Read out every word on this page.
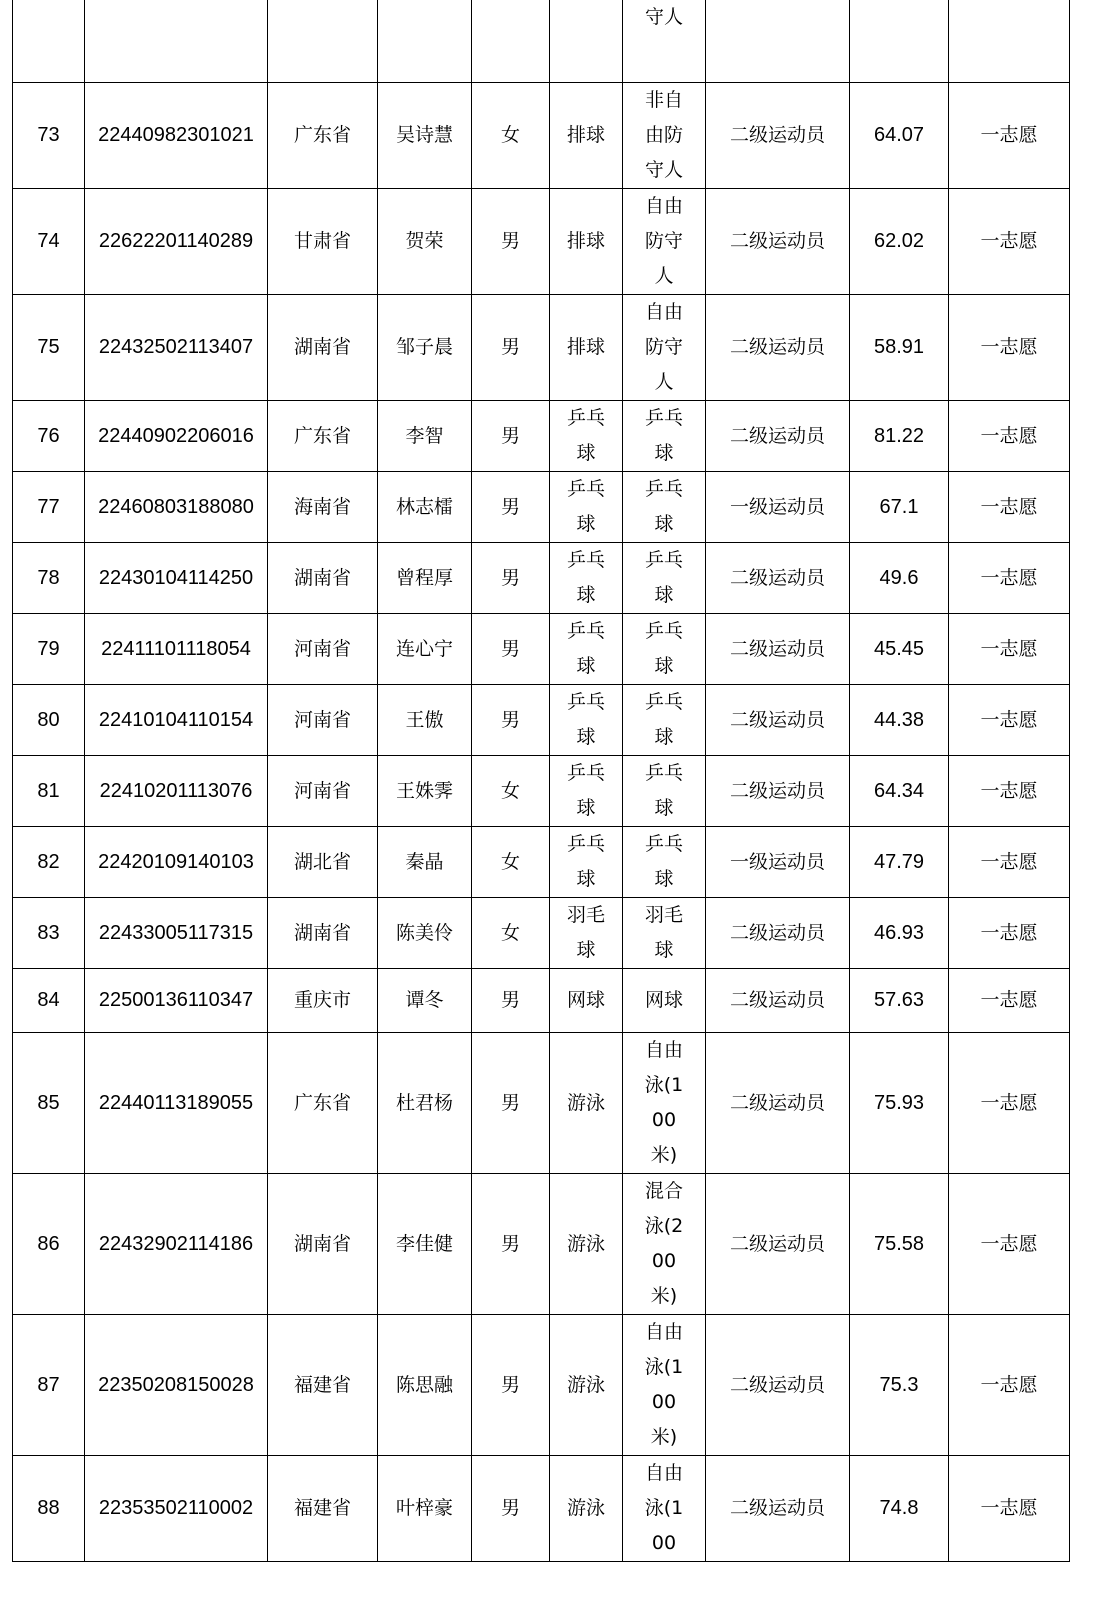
						守人			
73	22440982301021	广东省	吴诗慧	女	排球	非自由防守人	二级运动员	64.07	一志愿
74	22622201140289	甘肃省	贺荣	男	排球	自由防守人	二级运动员	62.02	一志愿
75	22432502113407	湖南省	邹子晨	男	排球	自由防守人	二级运动员	58.91	一志愿
76	22440902206016	广东省	李智	男	乒乓球	乒乓球	二级运动员	81.22	一志愿
77	22460803188080	海南省	林志檑	男	乒乓球	乒乓球	一级运动员	67.1	一志愿
78	22430104114250	湖南省	曾程厚	男	乒乓球	乒乓球	二级运动员	49.6	一志愿
79	22411101118054	河南省	连心宁	男	乒乓球	乒乓球	二级运动员	45.45	一志愿
80	22410104110154	河南省	王傲	男	乒乓球	乒乓球	二级运动员	44.38	一志愿
81	22410201113076	河南省	王姝霁	女	乒乓球	乒乓球	二级运动员	64.34	一志愿
82	22420109140103	湖北省	秦晶	女	乒乓球	乒乓球	一级运动员	47.79	一志愿
83	22433005117315	湖南省	陈美伶	女	羽毛球	羽毛球	二级运动员	46.93	一志愿
84	22500136110347	重庆市	谭冬	男	网球	网球	二级运动员	57.63	一志愿
85	22440113189055	广东省	杜君杨	男	游泳	自由泳(100米)	二级运动员	75.93	一志愿
86	22432902114186	湖南省	李佳健	男	游泳	混合泳(200米)	二级运动员	75.58	一志愿
87	22350208150028	福建省	陈思融	男	游泳	自由泳(100米)	二级运动员	75.3	一志愿
88	22353502110002	福建省	叶梓豪	男	游泳	自由泳(100	二级运动员	74.8	一志愿
